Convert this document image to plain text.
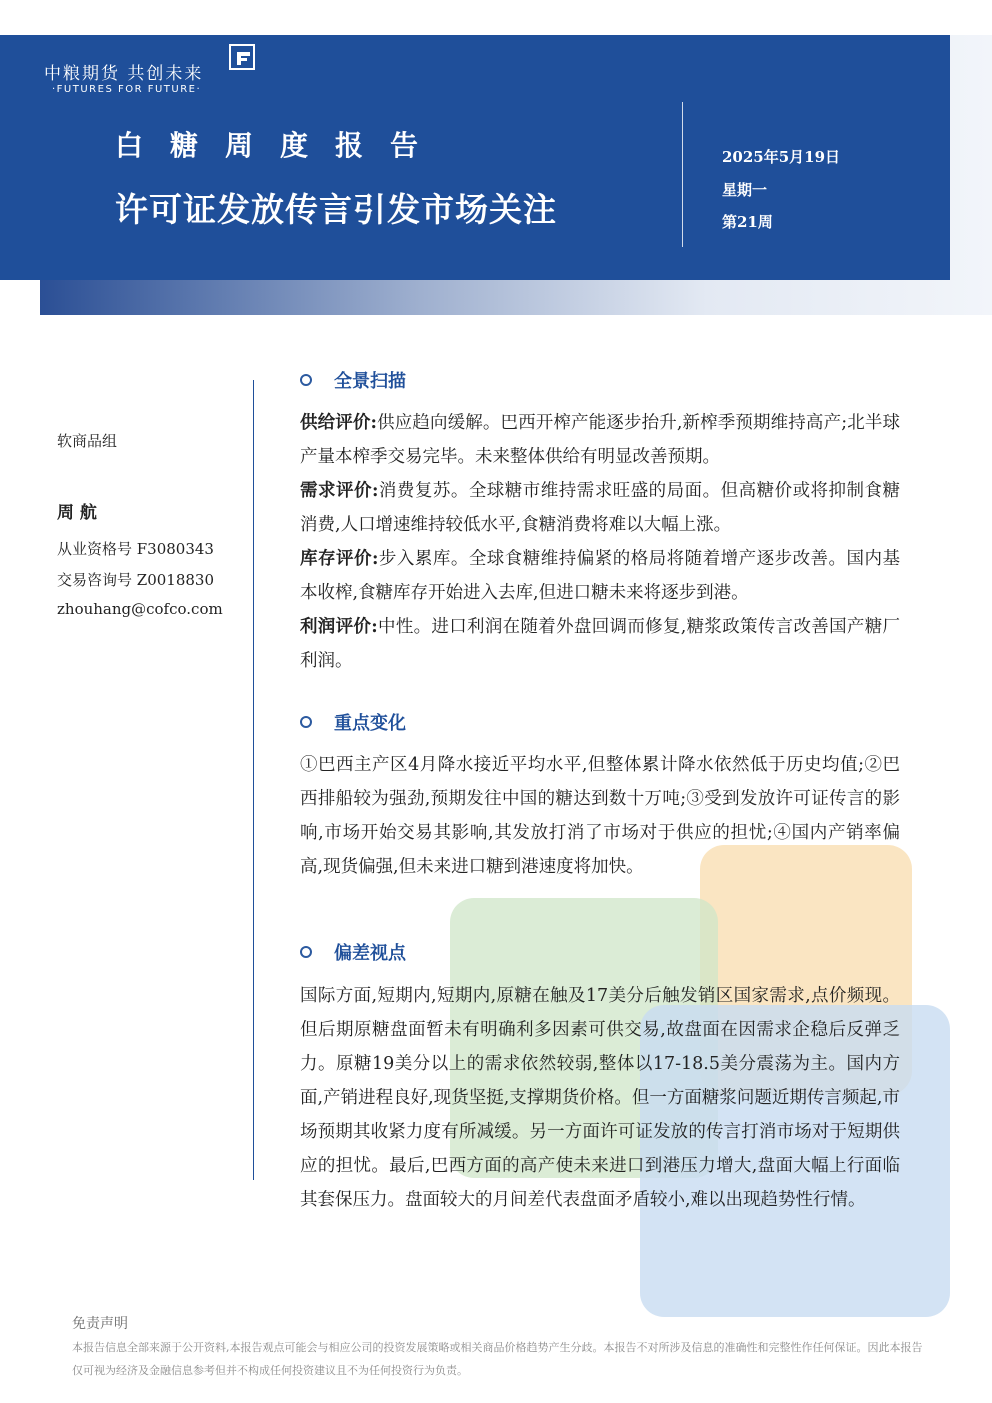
中粮期货 共创未来
·FUTURES FOR FUTURE·
白糖周度报告
许可证发放传言引发市场关注
2025年5月19日
星期一
第21周
软商品组
周 航
从业资格号 F3080343
交易咨询号 Z0018830
zhouhang@cofco.com
全景扫描
供给评价:供应趋向缓解。巴西开榨产能逐步抬升,新榨季预期维持高产;北半球产量本榨季交易完毕。未来整体供给有明显改善预期。
需求评价:消费复苏。全球糖市维持需求旺盛的局面。但高糖价或将抑制食糖消费,人口增速维持较低水平,食糖消费将难以大幅上涨。
库存评价:步入累库。全球食糖维持偏紧的格局将随着增产逐步改善。国内基本收榨,食糖库存开始进入去库,但进口糖未来将逐步到港。
利润评价:中性。进口利润在随着外盘回调而修复,糖浆政策传言改善国产糖厂利润。
重点变化
①巴西主产区4月降水接近平均水平,但整体累计降水依然低于历史均值;②巴西排船较为强劲,预期发往中国的糖达到数十万吨;③受到发放许可证传言的影响,市场开始交易其影响,其发放打消了市场对于供应的担忧;④国内产销率偏高,现货偏强,但未来进口糖到港速度将加快。
偏差视点
国际方面,短期内,短期内,原糖在触及17美分后触发销区国家需求,点价频现。但后期原糖盘面暂未有明确利多因素可供交易,故盘面在因需求企稳后反弹乏力。原糖19美分以上的需求依然较弱,整体以17-18.5美分震荡为主。国内方面,产销进程良好,现货坚挺,支撑期货价格。但一方面糖浆问题近期传言频起,市场预期其收紧力度有所减缓。另一方面许可证发放的传言打消市场对于短期供应的担忧。最后,巴西方面的高产使未来进口到港压力增大,盘面大幅上行面临其套保压力。盘面较大的月间差代表盘面矛盾较小,难以出现趋势性行情。
免责声明
本报告信息全部来源于公开资料,本报告观点可能会与相应公司的投资发展策略或相关商品价格趋势产生分歧。本报告不对所涉及信息的准确性和完整性作任何保证。因此本报告仅可视为经济及金融信息参考但并不构成任何投资建议且不为任何投资行为负责。
